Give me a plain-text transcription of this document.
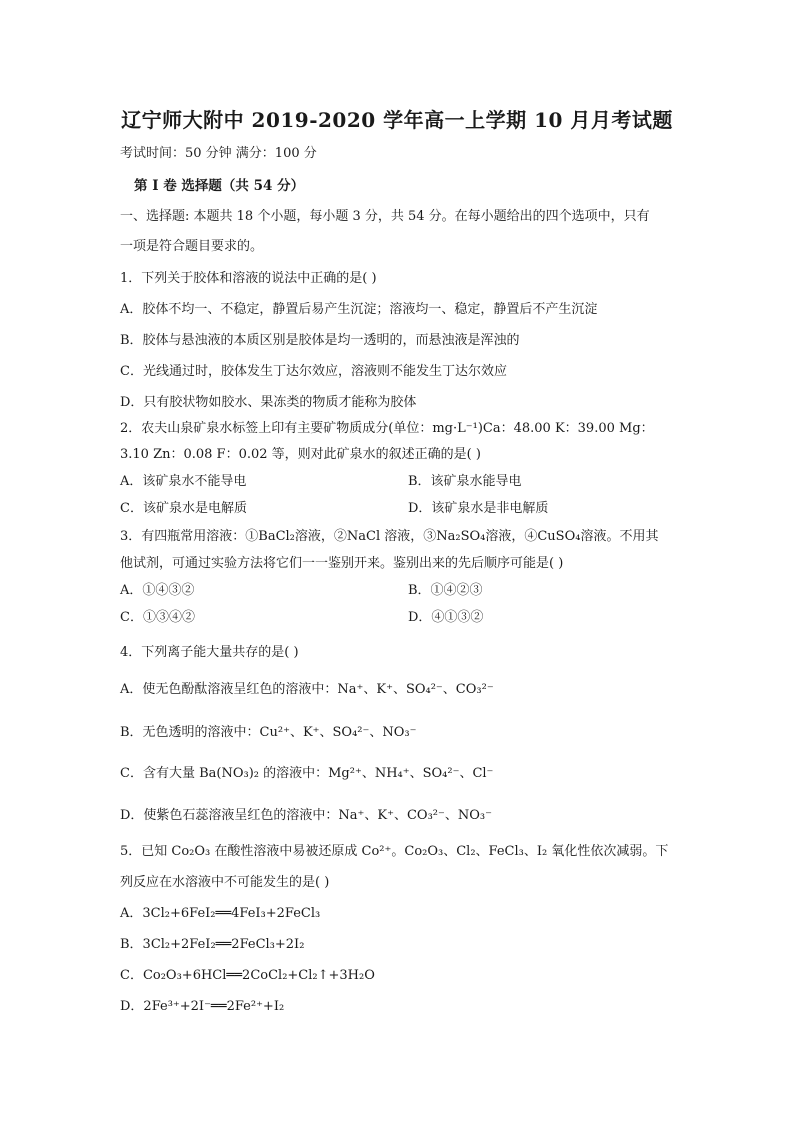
辽宁师大附中 2019-2020 学年高一上学期 10 月月考试题
考试时间：50 分钟 满分：100 分
第 Ⅰ 卷 选择题（共 54 分）
一、选择题: 本题共 18 个小题，每小题 3 分，共 54 分。在每小题给出的四个选项中，只有
一项是符合题目要求的。
1．下列关于胶体和溶液的说法中正确的是( )
A．胶体不均一、不稳定，静置后易产生沉淀；溶液均一、稳定，静置后不产生沉淀
B．胶体与悬浊液的本质区别是胶体是均一透明的，而悬浊液是浑浊的
C．光线通过时，胶体发生丁达尔效应，溶液则不能发生丁达尔效应
D．只有胶状物如胶水、果冻类的物质才能称为胶体
2．农夫山泉矿泉水标签上印有主要矿物质成分(单位：mg·L⁻¹)Ca：48.00 K：39.00 Mg：
3.10 Zn：0.08 F：0.02 等，则对此矿泉水的叙述正确的是( )
A．该矿泉水不能导电	B．该矿泉水能导电
C．该矿泉水是电解质	D．该矿泉水是非电解质
3．有四瓶常用溶液：①BaCl₂溶液，②NaCl 溶液，③Na₂SO₄溶液，④CuSO₄溶液。不用其
他试剂，可通过实验方法将它们一一鉴别开来。鉴别出来的先后顺序可能是( )
A．①④③②	B．①④②③
C．①③④②	D．④①③②
4．下列离子能大量共存的是( )
A．使无色酚酞溶液呈红色的溶液中：Na⁺、K⁺、SO₄²⁻、CO₃²⁻
B．无色透明的溶液中：Cu²⁺、K⁺、SO₄²⁻、NO₃⁻
C．含有大量 Ba(NO₃)₂ 的溶液中：Mg²⁺、NH₄⁺、SO₄²⁻、Cl⁻
D．使紫色石蕊溶液呈红色的溶液中：Na⁺、K⁺、CO₃²⁻、NO₃⁻
5．已知 Co₂O₃ 在酸性溶液中易被还原成 Co²⁺。Co₂O₃、Cl₂、FeCl₃、I₂ 氧化性依次减弱。下
列反应在水溶液中不可能发生的是( )
A．3Cl₂+6FeI₂══4FeI₃+2FeCl₃
B．3Cl₂+2FeI₂══2FeCl₃+2I₂
C．Co₂O₃+6HCl══2CoCl₂+Cl₂↑+3H₂O
D．2Fe³⁺+2I⁻══2Fe²⁺+I₂
